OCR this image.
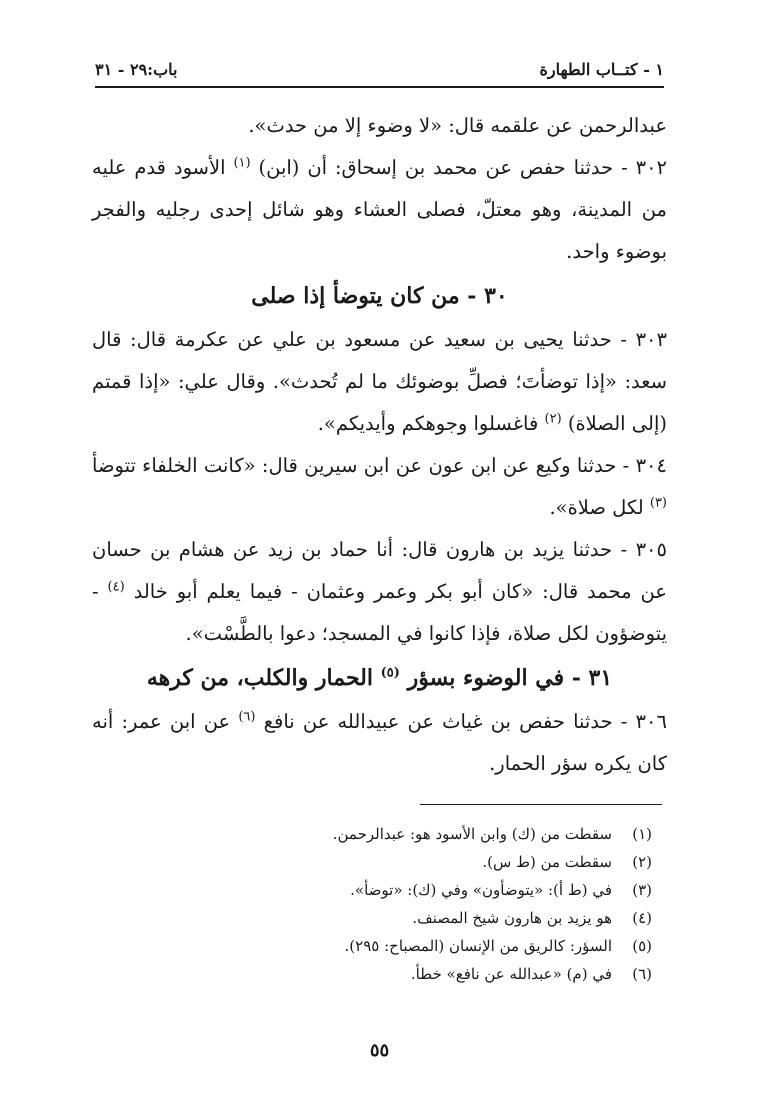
١ - كتــاب الطهارة
باب:٢٩ - ٣١

عبدالرحمن عن علقمه قال: «لا وضوء إلا من حدث».

٣٠٢ - حدثنا حفص عن محمد بن إسحاق: أن (ابن) $^{(١)}$ الأسود قدم عليه من المدينة، وهو معتلّ، فصلى العشاء وهو شائل إحدى رجليه والفجر بوضوء واحد.

٣٠ - من كان يتوضأ إذا صلى

٣٠٣ - حدثنا يحيى بن سعيد عن مسعود بن علي عن عكرمة قال: قال سعد: «إذا توضأتَ؛ فصلِّ بوضوئك ما لم تُحدث». وقال علي: «إذا قمتم (إلى الصلاة) $^{(٢)}$ فاغسلوا وجوهكم وأيديكم».

٣٠٤ - حدثنا وكيع عن ابن عون عن ابن سيرين قال: «كانت الخلفاء تتوضأ $^{(٣)}$ لكل صلاة».

٣٠٥ - حدثنا يزيد بن هارون قال: أنا حماد بن زيد عن هشام بن حسان عن محمد قال: «كان أبو بكر وعمر وعثمان - فيما يعلم أبو خالد $^{(٤)}$ - يتوضؤون لكل صلاة، فإذا كانوا في المسجد؛ دعوا بالطَّسْت».

٣١ - في الوضوء بسؤر $^{(٥)}$ الحمار والكلب، من كرهه

٣٠٦ - حدثنا حفص بن غياث عن عبيدالله عن نافع $^{(٦)}$ عن ابن عمر: أنه كان يكره سؤر الحمار.

(١)
سقطت من (ك) وابن الأسود هو: عبدالرحمن.
(٢)
سقطت من (ط س).
(٣)
في (ط أ): «يتوضأون» وفي (ك): «توضأ».
(٤)
هو يزيد بن هارون شيخ المصنف.
(٥)
السؤر: كالريق من الإنسان (المصباح: ٢٩٥).
(٦)
في (م) «عبدالله عن نافع» خطأ.
٥٥
